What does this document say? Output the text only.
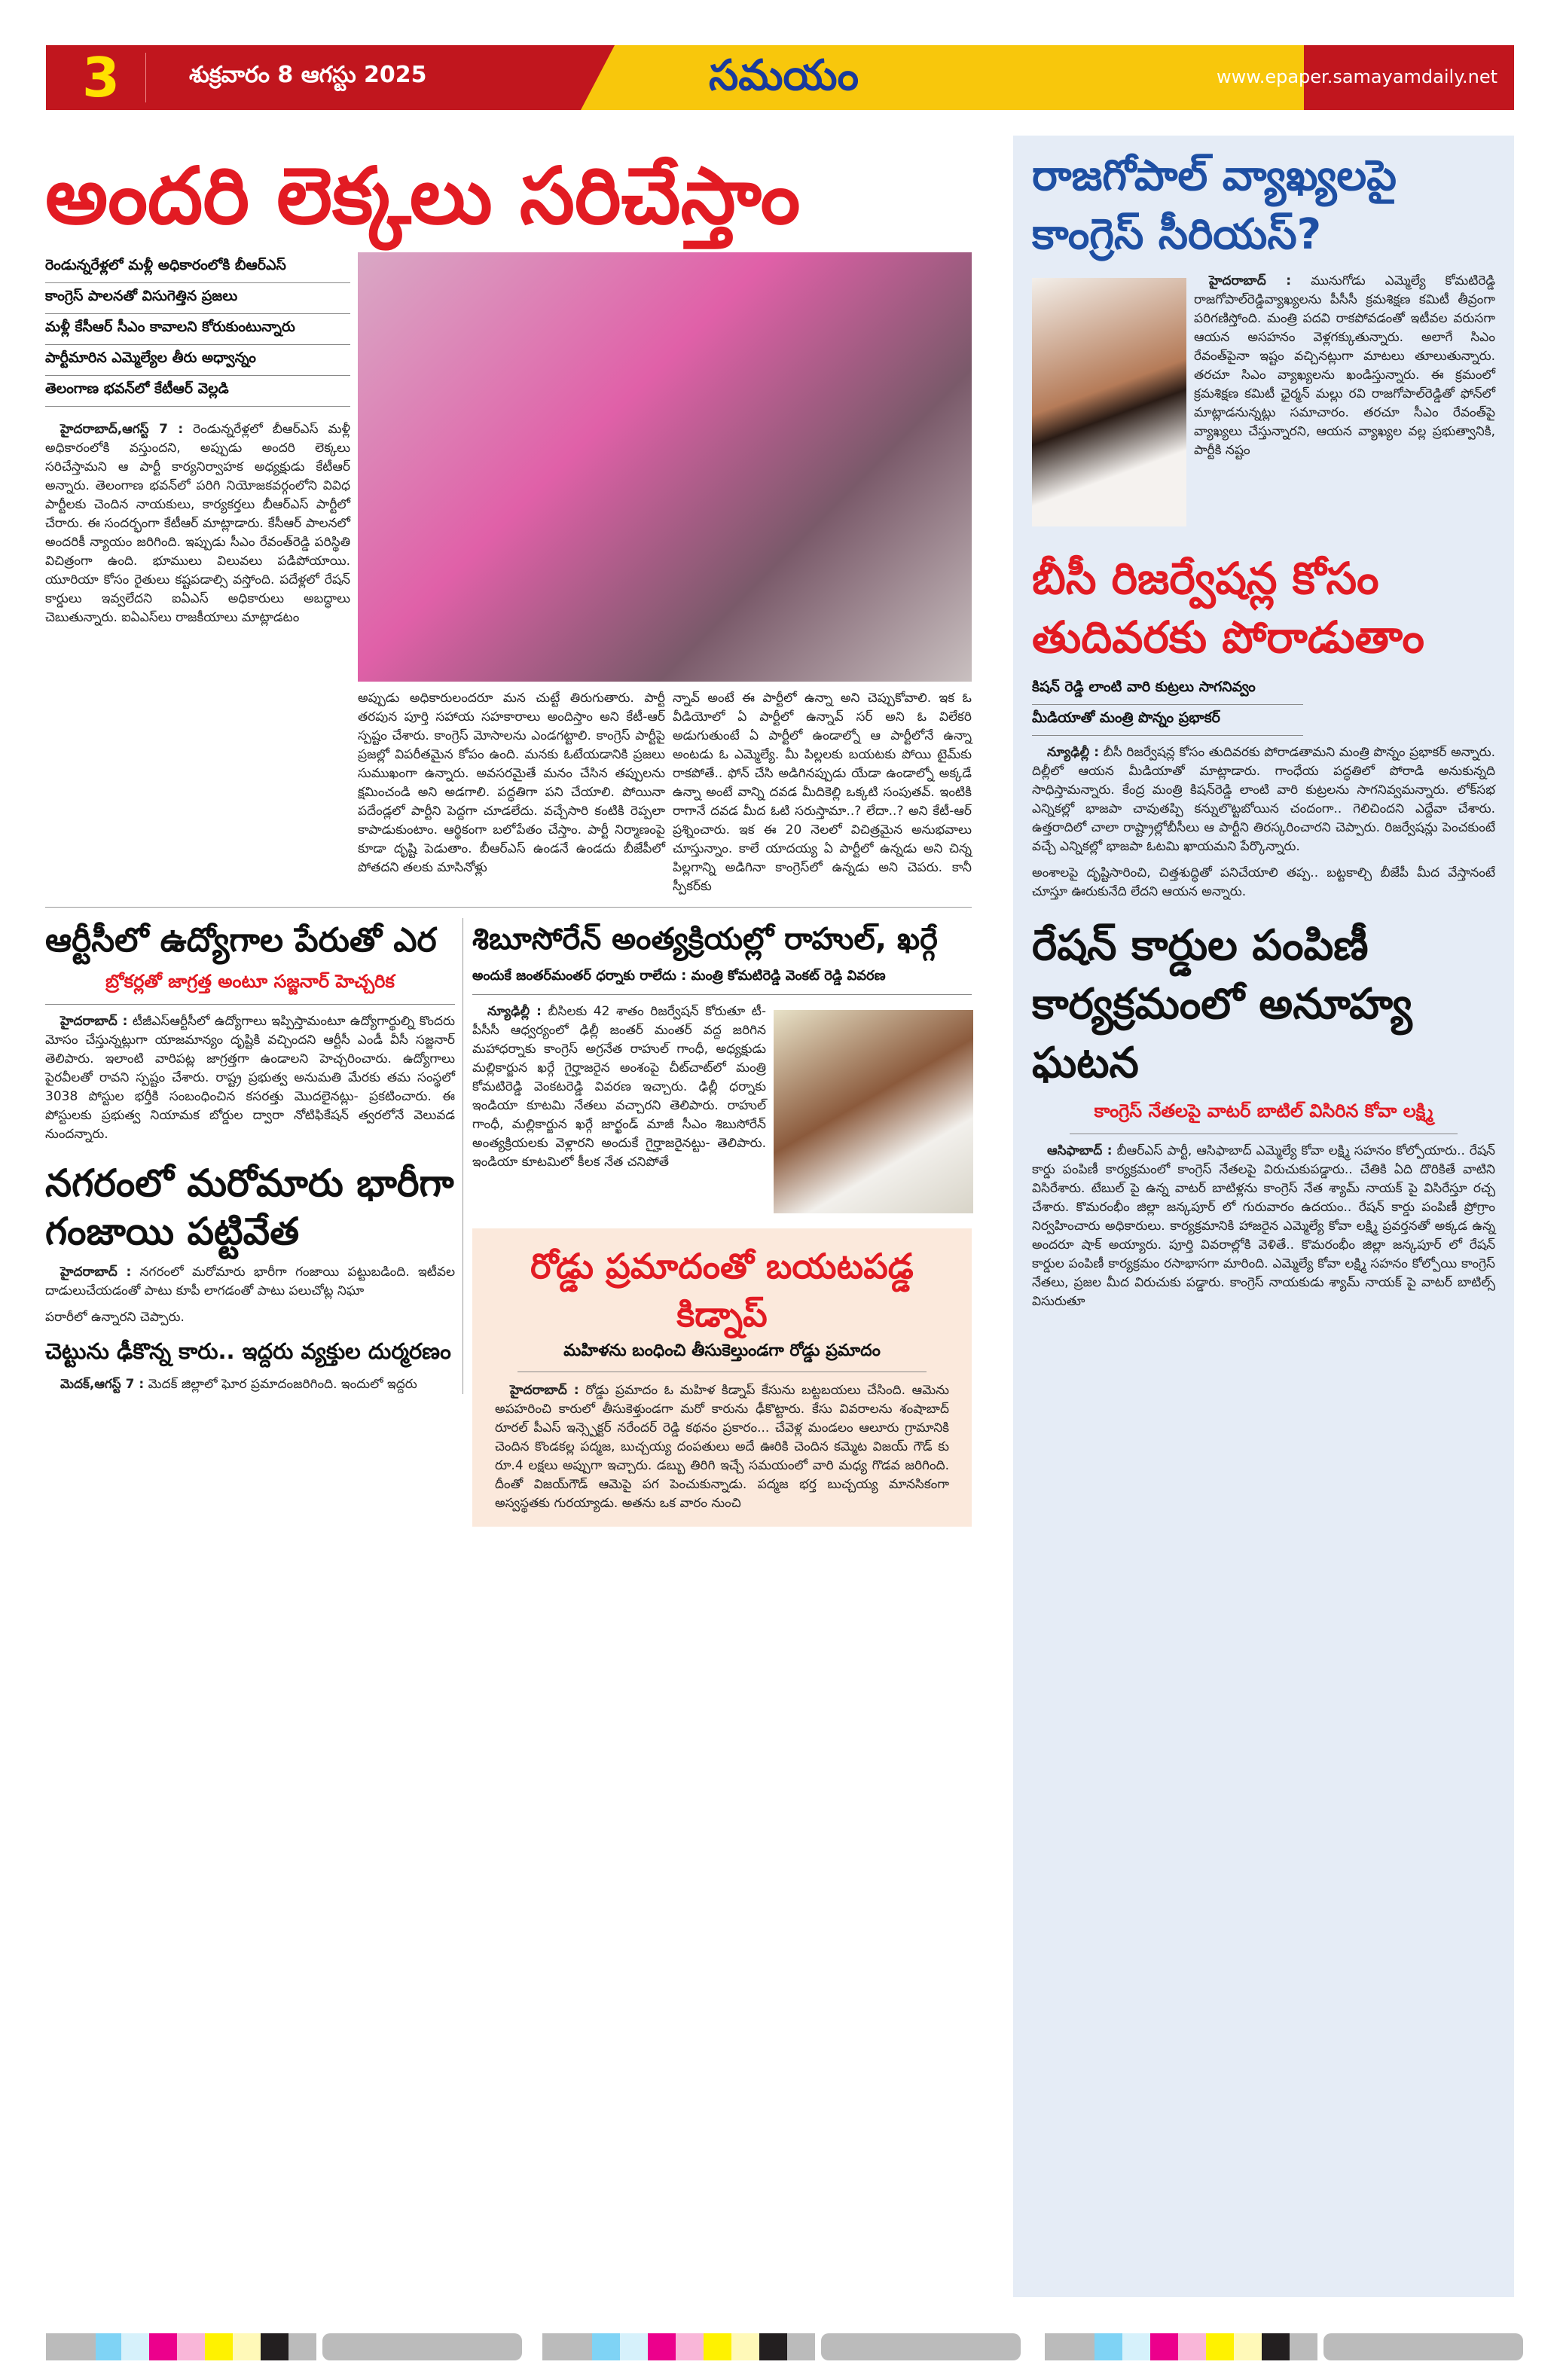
3	శుక్రవారం 8 ఆగస్టు 2025	సమయం	www.epaper.samayamdaily.net
అందరి లెక్కలు సరిచేస్తాం
రెండున్నరేళ్లలో మళ్లీ అధికారంలోకి బీఆర్ఎస్
కాంగ్రెస్ పాలనతో విసుగెత్తిన ప్రజలు
మళ్లీ కేసీఆర్ సీఎం కావాలని కోరుకుంటున్నారు
పార్టీమారిన ఎమ్మెల్యేల తీరు అధ్వాన్నం
తెలంగాణ భవన్‌లో కేటీఆర్ వెల్లడి

హైదరాబాద్,ఆగస్ట్ 7 : రెండున్నరేళ్లలో బీఆర్ఎస్ మళ్లీ అధికారంలోకి వస్తుందని, అప్పుడు అందరి లెక్కలు సరిచేస్తామని ఆ పార్టీ కార్యనిర్వాహక అధ్యక్షుడు కేటీఆర్ అన్నారు. తెలంగాణ భవన్‌లో పరిగి నియోజకవర్గంలోని వివిధ పార్టీలకు చెందిన నాయకులు, కార్యకర్తలు బీఆర్ఎస్ పార్టీలో చేరారు. ఈ సందర్భంగా కేటీఆర్ మాట్లాడారు. కేసీఆర్ పాలనలో అందరికీ న్యాయం జరిగింది. ఇప్పుడు సీఎం రేవంత్‌రెడ్డి పరిస్థితి విచిత్రంగా ఉంది. భూములు విలువలు పడిపోయాయి. యూరియా కోసం రైతులు కష్టపడాల్సి వస్తోంది. పదేళ్లలో రేషన్ కార్డులు ఇవ్వలేదని ఐఏఎస్ అధికారులు అబద్ధాలు చెబుతున్నారు. ఐఏఎస్‌లు రాజకీయాలు మాట్లాడటం

అప్పుడు అధికారులందరూ మన చుట్టే తిరుగుతారు. పార్టీ తరపున పూర్తి సహాయ సహకారాలు అందిస్తాం అని కేటీ-ఆర్ స్పష్టం చేశారు. కాంగ్రెస్ మోసాలను ఎండగట్టాలి. కాంగ్రెస్ పార్టీపై ప్రజల్లో విపరీతమైన కోపం ఉంది. మనకు ఓటేయడానికి ప్రజలు సుముఖంగా ఉన్నారు. అవసరమైతే మనం చేసిన తప్పులను క్షమించండి అని అడగాలి. పద్ధతిగా పని చేయాలి. పోయినా పదేండ్లలో పార్టీని పెద్దగా చూడలేదు. వచ్చేసారి కంటికి రెప్పలా కాపాడుకుంటాం. ఆర్థికంగా బలోపేతం చేస్తాం. పార్టీ నిర్మాణంపై కూడా దృష్టి పెడుతాం. బీఆర్ఎస్ ఉండనే ఉండదు బీజేపీలో పోతదని తలకు మాసినోళ్లు

న్నావ్ అంటే ఈ పార్టీలో ఉన్నా అని చెప్పుకోవాలి. ఇక ఓ వీడియోలో ఏ పార్టీలో ఉన్నావ్ సర్ అని ఓ విలేకరి అడుగుతుంటే ఏ పార్టీలో ఉండాల్నో ఆ పార్టీలోనే ఉన్నా అంటడు ఓ ఎమ్మెల్యే. మీ పిల్లలకు బయటకు పోయి టైమ్‌కు రాకపోతే.. ఫోన్ చేసి అడిగినప్పుడు యేడా ఉండాల్నో అక్కడే ఉన్నా అంటే వాన్ని దవడ మీదికెల్లి ఒక్కటి సంపుతవ్. ఇంటికి రాగానే దవడ మీద ఓటి సరుస్తామా..? లేదా..? అని కేటీ-ఆర్ ప్రశ్నించారు. ఇక ఈ 20 నెలలో విచిత్రమైన అనుభవాలు చూస్తున్నాం. కాలే యాదయ్య ఏ పార్టీలో ఉన్నడు అని చిన్న పిల్లగాన్ని అడిగినా కాంగ్రెస్‌లో ఉన్నడు అని చెపరు. కానీ స్పీకర్‌కు

ఆర్టీసీలో ఉద్యోగాల పేరుతో ఎర
బ్రోకర్లతో జాగ్రత్త అంటూ సజ్జనార్ హెచ్చరిక

హైదరాబాద్ : టీజీఎస్ఆర్టీసీలో ఉద్యోగాలు ఇప్పిస్తామంటూ ఉద్యోగార్థుల్ని కొందరు మోసం చేస్తున్నట్లుగా యాజమాన్యం దృష్టికి వచ్చిందని ఆర్టీసీ ఎండీ వీసీ సజ్జనార్ తెలిపారు. ఇలాంటి వారిపట్ల జాగ్రత్తగా ఉండాలని హెచ్చరించారు. ఉద్యోగాలు పైరవీలతో రావని స్పష్టం చేశారు. రాష్ట్ర ప్రభుత్వ అనుమతి మేరకు తమ సంస్థలో 3038 పోస్టుల భర్తీకి సంబంధించిన కసరత్తు మొదలైనట్లు- ప్రకటించారు. ఈ పోస్టులకు ప్రభుత్వ నియామక బోర్డుల ద్వారా నోటిఫికేషన్ త్వరలోనే వెలువడ నుందన్నారు.

నగరంలో మరోమారు భారీగా గంజాయి పట్టివేత

హైదరాబాద్ : నగరంలో మరోమారు భారీగా గంజాయి పట్టుబడింది. ఇటీవల దాడులుచేయడంతో పాటు కూపీ లాగడంతో పాటు పలుచోట్ల నిఘా

పరారీలో ఉన్నారని చెప్పారు.

చెట్టును ఢీకొన్న కారు.. ఇద్దరు వ్యక్తుల దుర్మరణం

మెదక్,ఆగస్ట్ 7 : మెదక్ జిల్లాలో ఘోర ప్రమాదంజరిగింది. ఇందులో ఇద్దరు

శిబూసోరేన్ అంత్యక్రియల్లో రాహుల్, ఖర్గే
అందుకే జంతర్‌మంతర్ ధర్నాకు రాలేదు : మంత్రి కోమటిరెడ్డి వెంకట్ రెడ్డి వివరణ

న్యూఢిల్లీ : బీసిలకు 42 శాతం రిజర్వేషన్ కోరుతూ టీ-పీసీసీ ఆధ్వర్యంలో ఢిల్లీ జంతర్ మంతర్ వద్ద జరిగిన మహాధర్నాకు కాంగ్రెస్ అగ్రనేత రాహుల్ గాంధీ, అధ్యక్షుడు మల్లికార్జున ఖర్గే గైర్హాజరైన అంశంపై చీట్‌చాట్‌లో మంత్రి కోమటిరెడ్డి వెంకటరెడ్డి వివరణ ఇచ్చారు. ఢిల్లీ ధర్నాకు ఇండియా కూటమి నేతలు వచ్చారని తెలిపారు. రాహుల్ గాంధీ, మల్లికార్జున ఖర్గే జార్ఖండ్ మాజీ సీఎం శిబుసోరేన్ అంత్యక్రియలకు వెళ్లారని అందుకే గైర్హాజరైనట్టు- తెలిపారు. ఇండియా కూటమిలో కీలక నేత చనిపోతే

రోడ్డు ప్రమాదంతో బయటపడ్డ కిడ్నాప్
మహిళను బంధించి తీసుకెల్తుండగా రోడ్డు ప్రమాదం

హైదరాబాద్ : రోడ్డు ప్రమాదం ఓ మహిళ కిడ్నాప్ కేసును బట్టబయలు చేసింది. ఆమెను అపహరించి కారులో తీసుకెళ్తుండగా మరో కారును ఢీకొట్టారు. కేసు వివరాలను శంషాబాద్ రూరల్ పీఎస్ ఇన్స్పెక్టర్ నరేందర్ రెడ్డి కథనం ప్రకారం... చేవెళ్ల మండలం ఆలూరు గ్రామానికి చెందిన కొండకల్ల పద్మజ, బుచ్చయ్య దంపతులు అదే ఊరికి చెందిన కమ్మెట విజయ్ గౌడ్ కు రూ.4 లక్షలు అప్పుగా ఇచ్చారు. డబ్బు తిరిగి ఇచ్చే సమయంలో వారి మధ్య గొడవ జరిగింది. దీంతో విజయ్‌గౌడ్ ఆమెపై పగ పెంచుకున్నాడు. పద్మజ భర్త బుచ్చయ్య మానసికంగా అస్వస్థతకు గురయ్యాడు. అతను ఒక వారం నుంచి

రాజగోపాల్ వ్యాఖ్యలపై కాంగ్రెస్ సీరియస్?

హైదరాబాద్ : మునుగోడు ఎమ్మెల్యే కోమటిరెడ్డి రాజగోపాల్‌రెడ్డివ్యాఖ్యలను పీసీసీ క్రమశిక్షణ కమిటీ తీవ్రంగా పరిగణిస్తోంది. మంత్రి పదవి రాకపోవడంతో ఇటీవల వరుసగా ఆయన అసహనం వెళ్లగక్కుతున్నారు. అలాగే సిఎం రేవంత్‌పైనా ఇష్టం వచ్చినట్లుగా మాటలు తూలుతున్నారు. తరచూ సిఎం వ్యాఖ్యలను ఖండిస్తున్నారు. ఈ క్రమంలో క్రమశిక్షణ కమిటీ ఛైర్మన్ మల్లు రవి రాజగోపాల్‌రెడ్డితో ఫోన్‌లో మాట్లాడనున్నట్లు సమాచారం. తరచూ సీఎం రేవంత్‌పై వ్యాఖ్యలు చేస్తున్నారని, ఆయన వ్యాఖ్యల వల్ల ప్రభుత్వానికి, పార్టీకి నష్టం

బీసీ రిజర్వేషన్ల కోసం తుదివరకు పోరాడుతాం
కిషన్ రెడ్డి లాంటి వారి కుట్రలు సాగనివ్వం
మీడియాతో మంత్రి పొన్నం ప్రభాకర్

న్యూఢిల్లీ : బీసీ రిజర్వేషన్ల కోసం తుదివరకు పోరాడతామని మంత్రి పొన్నం ప్రభాకర్ అన్నారు. దిల్లీలో ఆయన మీడియాతో మాట్లాడారు. గాంధేయ పద్ధతిలో పోరాడి అనుకున్నది సాధిస్తామన్నారు. కేంద్ర మంత్రి కిషన్‌రెడ్డి లాంటి వారి కుట్రలను సాగనివ్వమన్నారు. లోక్‌సభ ఎన్నికల్లో భాజపా చావుతప్పి కన్నులొట్టబోయిన చందంగా.. గెలిచిందని ఎద్దేవా చేశారు. ఉత్తరాదిలో చాలా రాష్ట్రాల్లోబీసీలు ఆ పార్టీని తిరస్కరించారని చెప్పారు. రిజర్వేషన్లు పెంచకుంటే వచ్చే ఎన్నికల్లో భాజపా ఓటమి ఖాయమని పేర్కొన్నారు.

అంశాలపై దృష్టిసారించి, చిత్తశుద్ధితో పనిచేయాలి తప్ప.. బట్టకాల్చి బీజేపీ మీద వేస్తానంటే చూస్తూ ఊరుకునేది లేదని ఆయన అన్నారు.

రేషన్ కార్డుల పంపిణీ కార్యక్రమంలో అనూహ్య ఘటన
కాంగ్రెస్ నేతలపై వాటర్ బాటిల్ విసిరిన కోవా లక్ష్మి

ఆసిఫాబాద్ : బీఆర్ఎస్ పార్టీ, ఆసిఫాబాద్ ఎమ్మెల్యే కోవా లక్ష్మి సహనం కోల్పోయారు.. రేషన్ కార్డు పంపిణీ కార్యక్రమంలో కాంగ్రెస్ నేతలపై విరుచుకుపడ్డారు.. చేతికి ఏది దొరికితే వాటిని విసిరేశారు. టేబుల్ పై ఉన్న వాటర్ బాటిళ్లను కాంగ్రెస్ నేత శ్యామ్ నాయక్ పై విసిరేస్తూ రచ్చ చేశారు. కొమరంభీం జిల్లా జన్కపూర్ లో గురువారం ఉదయం.. రేషన్ కార్డు పంపిణీ ప్రోగ్రాం నిర్వహించారు అధికారులు. కార్యక్రమానికి హాజరైన ఎమ్మెల్యే కోవా లక్ష్మి ప్రవర్తనతో అక్కడ ఉన్న అందరూ షాక్ అయ్యారు. పూర్తి వివరాల్లోకి వెళితే.. కొమరంభీం జిల్లా జన్కపూర్ లో రేషన్ కార్డుల పంపిణీ కార్యక్రమం రసాభాసగా మారింది. ఎమ్మెల్యే కోవా లక్ష్మి సహనం కోల్పోయి కాంగ్రెస్ నేతలు, ప్రజల మీద విరుచుకు పడ్డారు. కాంగ్రెస్ నాయకుడు శ్యామ్ నాయక్ పై వాటర్ బాటిల్స్ విసురుతూ
